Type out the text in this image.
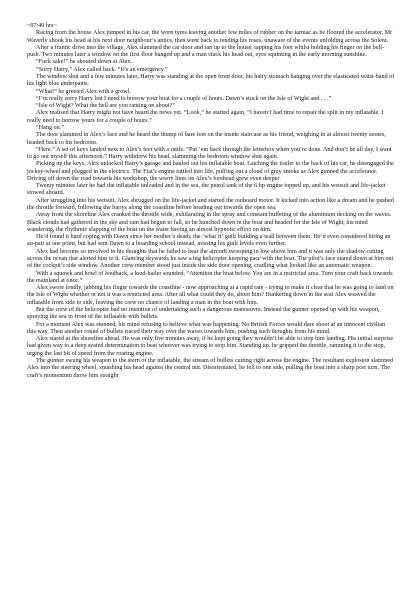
~07:40 hrs~

Racing from the house Alex jumped in his car, the worn tyres leaving another few miles of rubber on the tarmac as he floored the accelerator. Mr Waverly shook his head at his next door neighbour’s antics, then went back to tending his roses, unaware of the events unfolding across the Solent.

After a frantic drive into the village, Alex slammed the car door and ran up to the house, tapping his foot whilst holding his finger on the bell-push. Two minutes later a window on the first floor banged up and a man stuck his head out, eyes squinting in the early morning sunshine.

“Fuck sake!” he shouted down at Alex.

“Sorry Harry,” Alex called back. “It’s an emergency.”

The window shut and a few minutes later, Harry was standing at the open front door, his hairy stomach hanging over the elasticated waist-band of his light blue underpants.

“What!” he greeted Alex with a growl.

“I’m really sorry Harry but I need to borrow your boat for a couple of hours. Dawn’s stuck on the Isle of Wight and . . .”

“Isle of Wight? What the hell are you ranting on about?”

Alex realised that Harry might not have heard the news yet. “Look,” he started again, “I haven’t had time to repair the split in my inflatable. I really need to borrow yours for a couple of hours.”

“Hang on.”

The door slammed in Alex’s face and he heard the thump of bare feet on the inside staircase as his friend, weighing in at almost twenty stones, headed back to his bedroom.

“Here.” A set of keys landed next to Alex’s feet with a rattle. “Put ’em back through the letterbox when you’re done. And don’t be all day, I want to go out myself this afternoon.” Harry withdrew his head, slamming the bedroom window shut again.

Picking up the keys, Alex unlocked Harry’s garage and hauled out his inflatable boat. Latching the trailer to the back of his car, he disengaged the jockey-wheel and plugged in the electrics. The Fiat’s engine rattled into life, puffing out a cloud of grey smoke as Alex gunned the accelerator. Driving off down the road towards his workshop, the worry lines on Alex’s forehead grew even deeper.

Twenty minutes later he had the inflatable unloaded and in the sea, the petrol tank of the 6 hp engine topped up, and his wetsuit and life-jacket stowed aboard.

After struggling into his wetsuit, Alex shrugged on the life-jacket and started the outboard motor. It kicked into action like a dream and he pushed the throttle forward, following the buoys along the coastline before heading out towards the open sea.

Away from the shoreline Alex cranked the throttle wide, exhilarating in the spray and constant buffeting of the aluminium decking on the waves. Black clouds had gathered in the sky and rain had begun to fall, so he hunched down in the boat and headed for the Isle of Wight, his mind wandering, the rhythmic slapping of the boat on the water having an almost hypnotic effect on him.

He’d found it hard coping with Dawn since her mother’s death, the ‘what if’ guilt building a wall between them. He’d even considered hiring an au-pair at one point, but had sent Dawn to a boarding school instead, missing his guilt levels even further.

Alex had become so involved in his thoughts that he failed to hear the aircraft swooping in low above him and it was only the shadow cutting across the ocean that alerted him to it. Glancing skywards he saw a big helicopter keeping pace with the boat. The pilot’s face stared down at him out of the cockpit’s side window. Another crew member stood just inside the side door opening, cradling what looked like an automatic weapon.

With a squawk and howl of feedback, a loud-hailer sounded, “Attention the boat below. You are in a restricted area. Turn your craft back towards the mainland at once.”

Alex swore loudly, jabbing his finger towards the coastline - now approaching at a rapid rate - trying to make it clear that he was going to land on the Isle of Wight whether or not it was a restricted area. After all what could they do, shoot him? Hunkering down in the seat Alex weaved the inflatable from side to side, leaving the crew no chance of landing a man in the boat with him.

But the crew of the helicopter had no intention of undertaking such a dangerous manoeuvre. Instead the gunner opened up with his weapon, spraying the sea in front of the inflatable with bullets.

For a moment Alex was stunned, his mind refusing to believe what was happening. No British Forces would dare shoot at an innocent civilian this way. Then another round of bullets traced their way over the waves towards him, pushing such thoughts from his mind.

Alex stared at the shoreline ahead. He was only five minutes away, if he kept going they wouldn’t be able to stop him landing. His initial surprise had given way to a deep seated determination to beat whoever was trying to stop him. Standing up, he gripped the throttle, ramming it to the stop, urging the last bit of speed from the roaring engine.

The gunner swung his weapon to the stern of the inflatable, the stream of bullets cutting right across the engine. The resultant explosion slammed Alex into the steering wheel, smashing his head against the central nut. Disorientated, he fell to one side, pulling the boat into a sharp port turn. The craft’s momentum threw him straight
